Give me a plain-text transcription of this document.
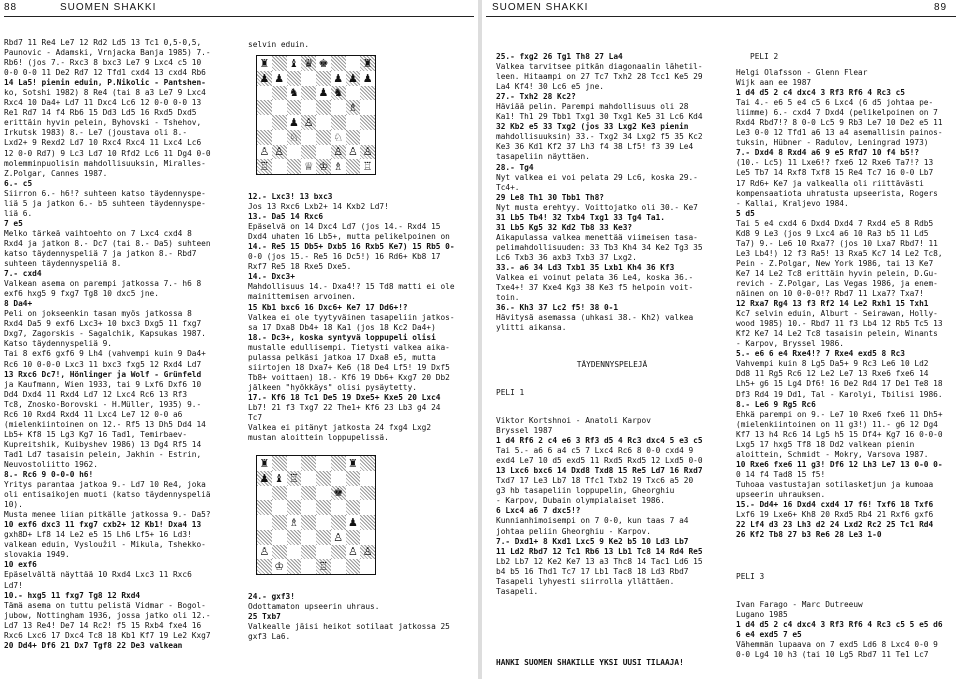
88	SUOMEN SHAKKI

Rbd7 11 Re4 Le7 12 Rd2 Ld5 13 Tc1 0,5-0,5,

Paunovic - Adamski, Vrnjacka Banja 1985) 7.-

Rb6! (jos 7.- Rxc3 8 bxc3 Le7 9 Lxc4 c5 10

0-0 0-0 11 De2 Rd7 12 Tfd1 cxd4 13 cxd4 Rb6

14 La5! pienin eduin, P.Nikolic - Pantshen-

ko, Sotshi 1982) 8 Re4 (tai 8 a3 Le7 9 Lxc4

Rxc4 10 Da4+ Ld7 11 Dxc4 Lc6 12 0-0 0-0 13

Re1 Rd7 14 f4 Rb6 15 Dd3 Ld5 16 Rxd5 Dxd5

erittäin hyvin pelein, Byhovski - Tshehov,

Irkutsk 1983) 8.- Le7 (joustava oli 8.-

Lxd2+ 9 Rexd2 Ld7 10 Rxc4 Rxc4 11 Lxc4 Lc6

12 0-0 Rd7) 9 Lc3 Ld7 10 Rfd2 Lc6 11 Dg4 0-0

molemminpuolisin mahdollisuuksin, Miralles-

Z.Polgar, Cannes 1987.

6.- c5

Siirron 6.- h6!? suhteen katso täydennyspe-

liä 5 ja jatkon 6.- b5 suhteen täydennyspe-

liä 6.

7 e5

Melko tärkeä vaihtoehto on 7 Lxc4 cxd4 8

Rxd4 ja jatkon 8.- Dc7 (tai 8.- Da5) suhteen

katso täydennyspeliä 7 ja jatkon 8.- Rbd7

suhteen täydennyspeliä 8.

7.- cxd4

Valkean asema on parempi jatkossa 7.- h6 8

exf6 hxg5 9 fxg7 Tg8 10 dxc5 jne.

8 Da4+

Peli on jokseenkin tasan myös jatkossa 8

Rxd4 Da5 9 exf6 Lxc3+ 10 bxc3 Dxg5 11 fxg7

Dxg7, Zagorskis - Sagalchik, Kapsukas 1987.

Katso täydennyspeliä 9.

Tai 8 exf6 gxf6 9 Lh4 (vahvempi kuin 9 Da4+

Rc6 10 0-0-0 Lxc3 11 bxc3 fxg5 12 Rxd4 Ld7

13 Rxc6 Dc7!, Hönlinger ja Wolf - Grünfeld

ja Kaufmann, Wien 1933, tai 9 Lxf6 Dxf6 10

Dd4 Dxd4 11 Rxd4 Ld7 12 Lxc4 Rc6 13 Rf3

Tc8, Znosko-Borovski - H.Müller, 1935) 9.-

Rc6 10 Rxd4 Rxd4 11 Lxc4 Le7 12 0-0 a6

(mielenkiintoinen on 12.- Rf5 13 Dh5 Dd4 14

Lb5+ Kf8 15 Lg3 Kg7 16 Tad1, Temirbaev-

Kupreitshik, Kuibyshev 1986) 13 Dg4 Rf5 14

Tad1 Ld7 tasaisin pelein, Jakhin - Estrin,

Neuvostoliitto 1962.

8.- Rc6 9 0-0-0 h6!

Yritys parantaa jatkoa 9.- Ld7 10 Re4, joka

oli entisaikojen muoti (katso täydennyspeliä

10).

Musta menee liian pitkälle jatkossa 9.- Da5?

10 exf6 dxc3 11 fxg7 cxb2+ 12 Kb1! Dxa4 13

gxh8D+ Lf8 14 Le2 e5 15 Lh6 Lf5+ 16 Ld3!

valkean eduin, Vysloužil - Mikula, Tshekko-

slovakia 1949.

10 exf6

Epäselvältä näyttää 10 Rxd4 Lxc3 11 Rxc6

Ld7!

10.- hxg5 11 fxg7 Tg8 12 Rxd4

Tämä asema on tuttu pelistä Vidmar - Bogol-

jubow, Nottingham 1936, jossa jatko oli 12.-

Ld7 13 Re4! De7 14 Rc2! f5 15 Rxb4 fxe4 16

Rxc6 Lxc6 17 Dxc4 Tc8 18 Kb1 Kf7 19 Le2 Kxg7

20 Dd4+ Df6 21 Dx7 Tgf8 22 De3 valkean

selvin eduin.
♜ ♝ ♛ ♚	♜
♟ ♟	♟ ♟ ♟
♞ ♟ ♞
♗
♟ ♙
♘	♘
♙ ♙	♙ ♙ ♙
♖	♕ ♔ ♗ ♖

12.- Lxc3! 13 bxc3

Jos 13 Rxc6 Lxb2+ 14 Kxb2 Ld7!

13.- Da5 14 Rxc6

Epäselvä on 14 Dxc4 Ld7 (jos 14.- Rxd4 15

Dxd4 uhaten 16 Lb5+, mutta pelikelpoinen on

14.- Re5 15 Db5+ Dxb5 16 Rxb5 Ke7) 15 Rb5 0-

0-0 (jos 15.- Re5 16 Dc5!) 16 Rd6+ Kb8 17

Rxf7 Re5 18 Rxe5 Dxe5.

14.- Dxc3+

Mahdollisuus 14.- Dxa4!? 15 Td8 matti ei ole

mainittemisen arvoinen.

15 Kb1 bxc6 16 Dxc6+ Ke7 17 Dd6+!?

Valkea ei ole tyytyväinen tasapeliin jatkos-

sa 17 Dxa8 Db4+ 18 Ka1 (jos 18 Kc2 Da4+)

18.- Dc3+, koska syntyvä loppupeli olisi

mustalle edullisempi. Tietysti valkea aika-

pulassa pelkäsi jatkoa 17 Dxa8 e5, mutta

siirtojen 18 Dxa7+ Ke6 (18 De4 Lf5! 19 Dxf5

Tb8+ voittaen) 18.- Kf6 19 Db6+ Kxg7 20 Db2

jälkeen "hyökkäys" olisi pysäytetty.

17.- Kf6 18 Tc1 De5 19 Dxe5+ Kxe5 20 Lxc4

Lb7! 21 f3 Txg7 22 The1+ Kf6 23 Lb3 g4 24

Tc7

Valkea ei pitänyt jatkosta 24 fxg4 Lxg2

mustan aloittein loppupelissä.

♜	♜
♟ ♝ ♖
♚
♗	♟
♙
♙	♙ ♙
♔	♖

24.- gxf3!

Odottamaton upseerin uhraus.

25 Txb7

Valkealle jäisi heikot sotilaat jatkossa 25

gxf3 La6.

SUOMEN SHAKKI	89

25.- fxg2 26 Tg1 Th8 27 La4

Valkea tarvitsee pitkän diagonaalin lähetil-

leen. Hitaampi on 27 Tc7 Txh2 28 Tcc1 Ke5 29

La4 Kf4! 30 Lc6 e5 jne.

27.- Txh2 28 Kc2?

Häviää pelin. Parempi mahdollisuus oli 28

Ka1! Th1 29 Tbb1 Txg1 30 Txg1 Ke5 31 Lc6 Kd4

32 Kb2 e5 33 Txg2 (jos 33 Lxg2 Ke3 pienin

mahdollisuuksin) 33.- Txg2 34 Lxg2 f5 35 Kc2

Ke3 36 Kd1 Kf2 37 Lh3 f4 38 Lf5! f3 39 Le4

tasapeliin näyttäen.

28.- Tg4

Nyt valkea ei voi pelata 29 Lc6, koska 29.-

Tc4+.

29 Le8 Th1 30 Tbb1 Th8?

Nyt musta erehtyy. Voittojatko oli 30.- Ke7

31 Lb5 Tb4! 32 Txb4 Txg1 33 Tg4 Ta1.

31 Lb5 Kg5 32 Kd2 Tb8 33 Ke3?

Aikapulassa valkea menettää viimeisen tasa-

pelimahdollisuuden: 33 Tb3 Kh4 34 Ke2 Tg3 35

Lc6 Txb3 36 axb3 Txb3 37 Lxg2.

33.- a6 34 Ld3 Txb1 35 Lxb1 Kh4 36 Kf3

Valkea ei voinut pelata 36 Le4, koska 36.-

Txe4+! 37 Kxe4 Kg3 38 Ke3 f5 helpoin voit-

toin.

36.- Kh3 37 Lc2 f5! 38 0-1

Hävitysä asemassa (uhkasi 38.- Kh2) valkea

ylitti aikansa.

TÄYDENNYSPELEJÄ
PELI 1

Viktor Kortshnoi - Anatoli Karpov

Bryssel 1987

1 d4 Rf6 2 c4 e6 3 Rf3 d5 4 Rc3 dxc4 5 e3 c5

Tai 5.- a6 6 a4 c5 7 Lxc4 Rc6 8 0-0 cxd4 9

exd4 Le7 10 d5 exd5 11 Rxd5 Rxd5 12 Lxd5 0-0

13 Lxc6 bxc6 14 Dxd8 Txd8 15 Re5 Ld7 16 Rxd7

Txd7 17 Le3 Lb7 18 Tfc1 Txb2 19 Txc6 a5 20

g3 hb tasapeliin loppupelin, Gheorghiu

- Karpov, Dubain olympialaiset 1986.

6 Lxc4 a6 7 dxc5!?

Kunnianhimoisempi on 7 0-0, kun taas 7 a4

johtaa peliin Gheorghiu - Karpov.

7.- Dxd1+ 8 Kxd1 Lxc5 9 Ke2 b5 10 Ld3 Lb7

11 Ld2 Rbd7 12 Tc1 Rb6 13 Lb1 Tc8 14 Rd4 Re5

Lb2 Lb7 12 Ke2 Ke7 13 a3 Thc8 14 Tac1 Ld6 15

b4 b5 16 Thd1 Tc7 17 Lb1 Tac8 18 Ld3 Rbd7

Tasapeli lyhyesti siirrolla yllättäen.

Tasapeli.

HANKI SUOMEN SHAKILLE YKSI UUSI TILAAJA!
PELI 2

Helgi Olafsson - Glenn Flear

Wijk aan ee 1987

1 d4 d5 2 c4 dxc4 3 Rf3 Rf6 4 Rc3 c5

Tai 4.- e6 5 e4 c5 6 Lxc4 (6 d5 johtaa pe-

liimme) 6.- cxd4 7 Dxd4 (pelikelpoinen on 7

Rxd4 Rbd7!? 8 0-0 Lc5 9 Rb3 Le7 10 De2 e5 11

Le3 0-0 12 Tfd1 a6 13 a4 asemallisin painos-

tuksin, Hübner - Radulov, Leningrad 1973)

7.- Dxd4 8 Rxd4 a6 9 e5 Rfd7 10 f4 b5!?

(10.- Lc5) 11 Lxe6!? fxe6 12 Rxe6 Ta7!? 13

Le5 Tb7 14 Rxf8 Txf8 15 Re4 Tc7 16 0-0 Lb7

17 Rd6+ Ke7 ja valkealla oli riittävästi

kompensaatiota uhratusta upseerista, Rogers

- Kallai, Kraljevo 1984.

5 d5

Tai 5 e4 cxd4 6 Dxd4 Dxd4 7 Rxd4 e5 8 Rdb5

Kd8 9 Le3 (jos 9 Lxc4 a6 10 Ra3 b5 11 Ld5

Ta7) 9.- Le6 10 Rxa7? (jos 10 Lxa7 Rbd7! 11

Le3 Lb4!) 12 f3 Ra5! 13 Rxa5 Kc7 14 Le2 Tc8,

Pein - Z.Polgar, New York 1986, tai 13 Ke7

Ke7 14 Le2 Tc8 erittäin hyvin pelein, D.Gu-

revich - Z.Polgar, Las Vegas 1986, ja enem-

näinen on 10 0-0-0!? Rbd7 11 Lxa7? Txa7!

12 Rxa7 Rg4 13 f3 Rf2 14 Le2 Rxh1 15 Txh1

Kc7 selvin eduin, Alburt - Seirawan, Holly-

wood 1985) 10.- Rbd7 11 f3 Lb4 12 Rb5 Tc5 13

Kf2 Ke7 14 Le2 Tc8 tasaisin pelein, Winants

- Karpov, Bryssel 1986.

5.- e6 6 e4 Rxe4!? 7 Rxe4 exd5 8 Rc3

Vahvempi kuin 8 Lg5 Da5+ 9 Rc3 Le6 10 Ld2

Dd8 11 Rg5 Rc6 12 Le2 Le7 13 Rxe6 fxe6 14

Lh5+ g6 15 Lg4 Df6! 16 De2 Rd4 17 De1 Te8 18

Df3 Rd4 19 Dd1, Tal - Karolyi, Tbilisi 1986.

8.- Le6 9 Rg5 Rc6

Ehkä parempi on 9.- Le7 10 Rxe6 fxe6 11 Dh5+

(mielenkiintoinen on 11 g3!) 11.- g6 12 Dg4

Kf7 13 h4 Rc6 14 Lg5 h5 15 Df4+ Kg7 16 0-0-0

Lxg5 17 hxg5 Tf8 18 Dd2 valkean pienin

aloittein, Schmidt - Mokry, Varsova 1987.

10 Rxe6 fxe6 11 g3! Df6 12 Lh3 Le7 13 0-0 0-

0 14 f4 Tad8 15 f5!

Tuhoaa vastustajan sotilasketjun ja kumoaa

upseerin uhrauksen.

15.- Dd4+ 16 Dxd4 cxd4 17 f6! Txf6 18 Txf6

Lxf6 19 Lxe6+ Kh8 20 Rxd5 Rb4 21 Rxf6 gxf6

22 Lf4 d3 23 Lh3 d2 24 Lxd2 Rc2 25 Tc1 Rd4

26 Kf2 Tb8 27 b3 Re6 28 Le3 1-0

PELI 3

Ivan Farago - Marc Dutreeuw

Lugano 1985

1 d4 d5 2 c4 dxc4 3 Rf3 Rf6 4 Rc3 c5 5 e5 d6

6 e4 exd5 7 e5

Vähemmän lupaava on 7 exd5 Ld6 8 Lxc4 0-0 9

0-0 Lg4 10 h3 (tai 10 Lg5 Rbd7 11 Te1 Lc7
